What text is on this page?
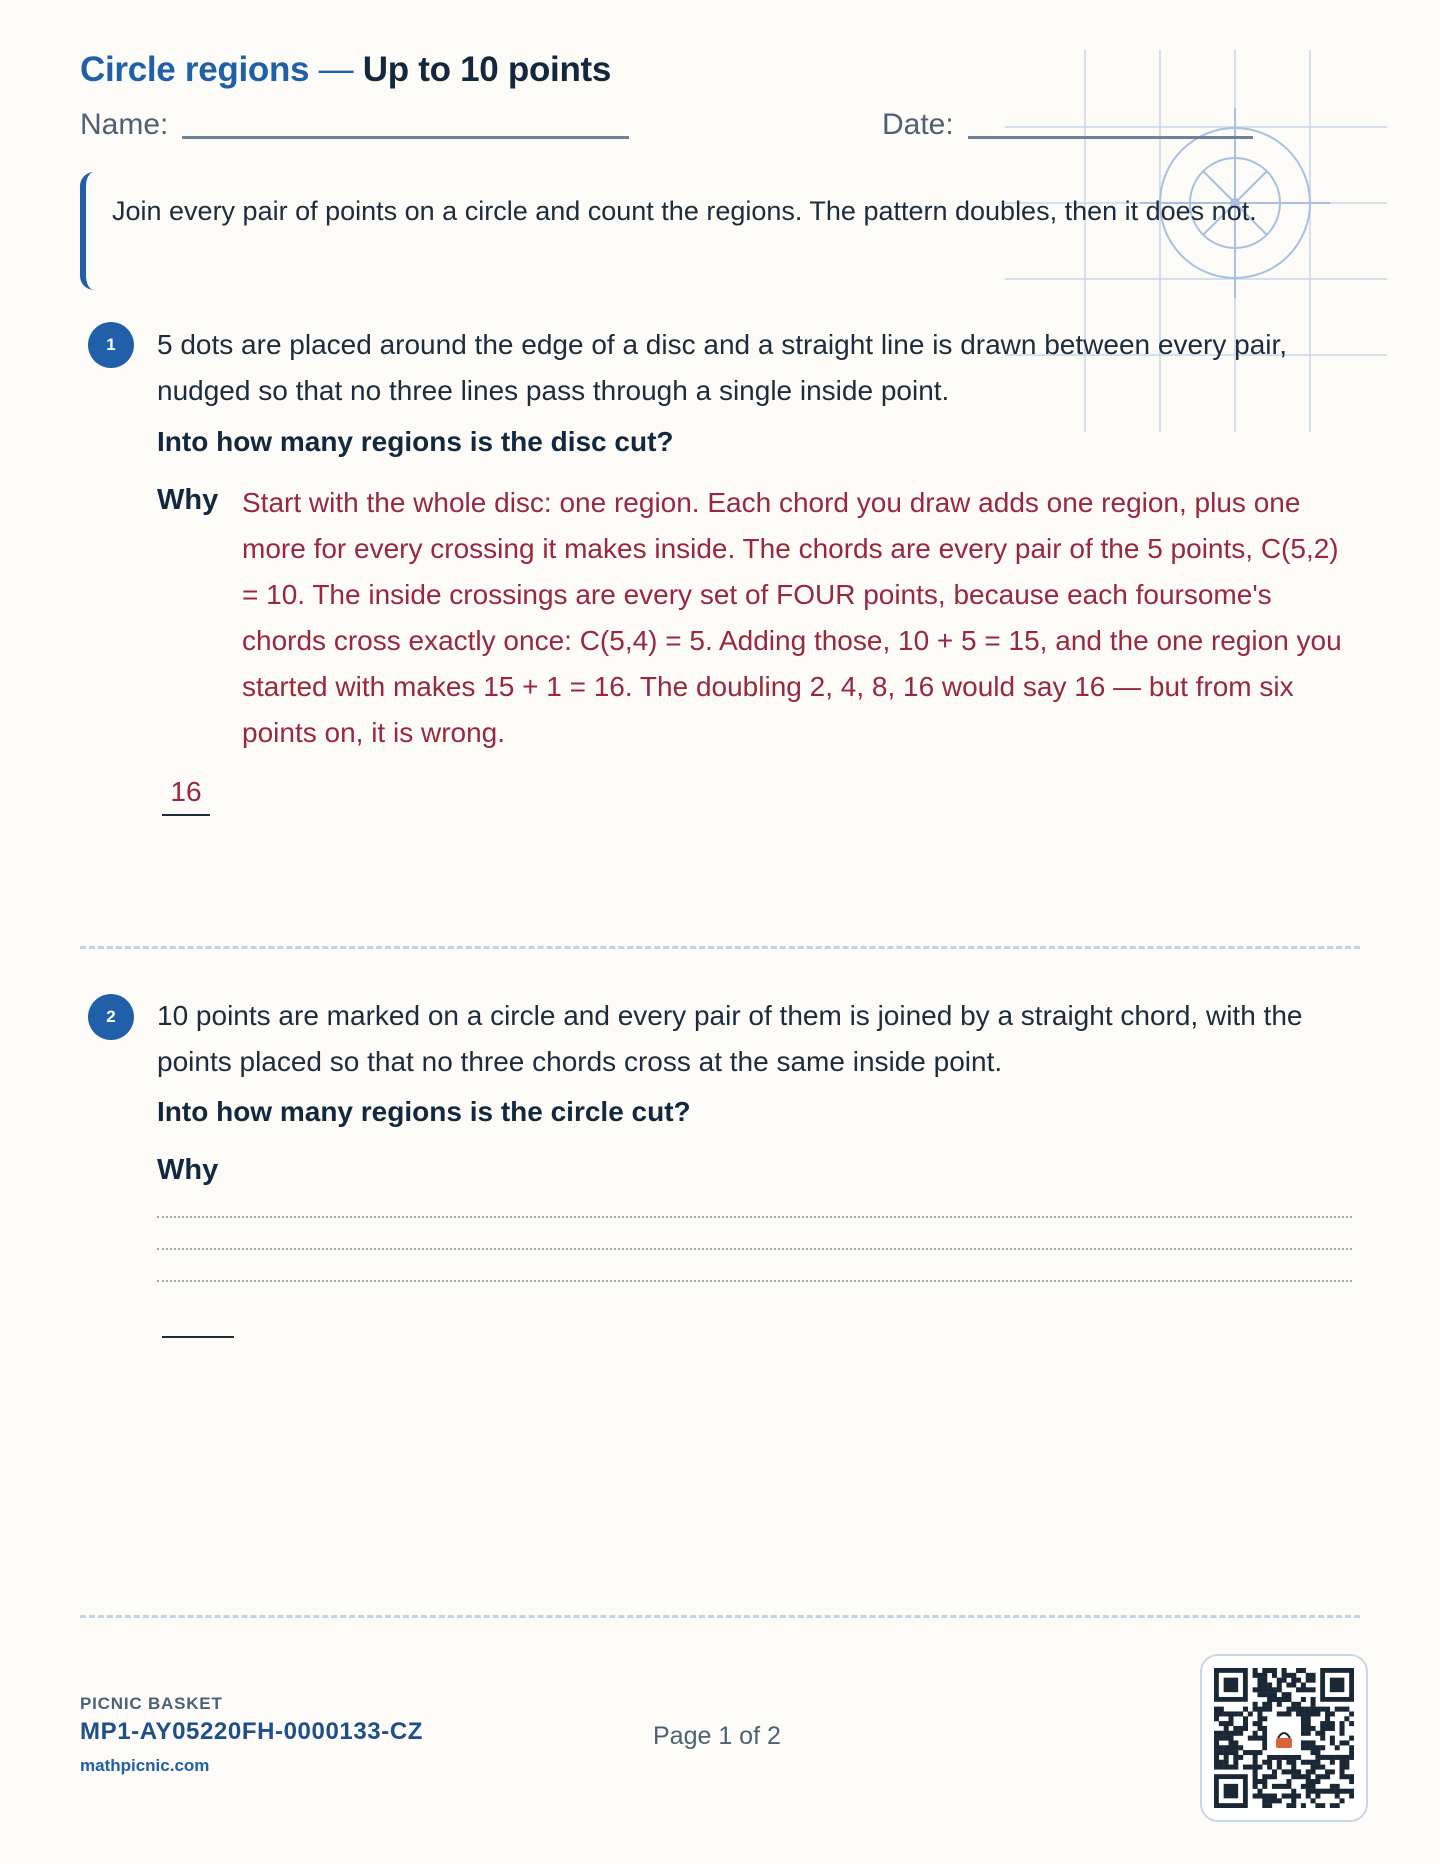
Circle regions — Up to 10 points
Name:	Date:
Join every pair of points on a circle and count the regions. The pattern doubles, then it does not.
1	5 dots are placed around the edge of a disc and a straight line is drawn between every pair, nudged so that no three lines pass through a single inside point.
Into how many regions is the disc cut?
Why Start with the whole disc: one region. Each chord you draw adds one region, plus one more for every crossing it makes inside. The chords are every pair of the 5 points, C(5,2) = 10. The inside crossings are every set of FOUR points, because each foursome's chords cross exactly once: C(5,4) = 5. Adding those, 10 + 5 = 15, and the one region you started with makes 15 + 1 = 16. The doubling 2, 4, 8, 16 would say 16 — but from six points on, it is wrong.
16
2	10 points are marked on a circle and every pair of them is joined by a straight chord, with the points placed so that no three chords cross at the same inside point.
Into how many regions is the circle cut?
Why
PICNIC BASKET
MP1-AY05220FH-0000133-CZ
mathpicnic.com
Page 1 of 2
